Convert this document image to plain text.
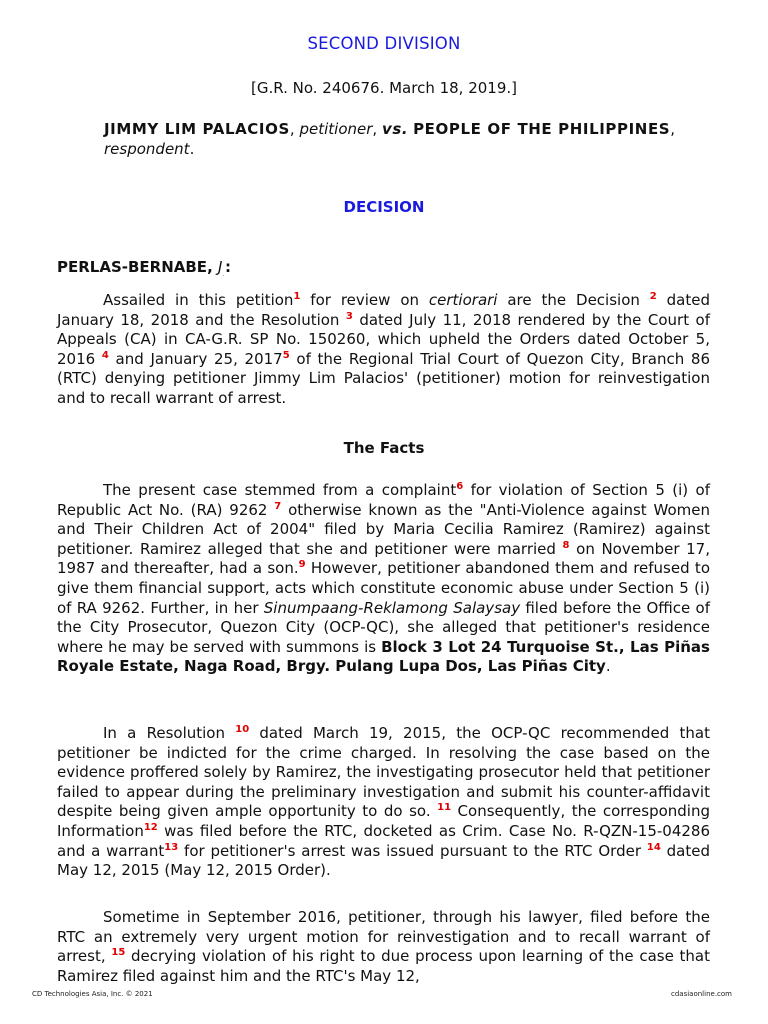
SECOND DIVISION
[G.R. No. 240676. March 18, 2019.]
JIMMY LIM PALACIOS, petitioner, vs. PEOPLE OF THE PHILIPPINES, respondent.
DECISION
PERLAS-BERNABE, $J_.$:

Assailed in this petition$^1$ for review on certiorari are the Decision $^2$ dated January 18, 2018 and the Resolution $^3$ dated July 11, 2018 rendered by the Court of Appeals (CA) in CA-G.R. SP No. 150260, which upheld the Orders dated October 5, 2016 $^4$ and January 25, 2017$^5$ of the Regional Trial Court of Quezon City, Branch 86 (RTC) denying petitioner Jimmy Lim Palacios' (petitioner) motion for reinvestigation and to recall warrant of arrest.

The Facts

The present case stemmed from a complaint$^6$ for violation of Section 5 (i) of Republic Act No. (RA) 9262 $^7$ otherwise known as the "Anti-Violence against Women and Their Children Act of 2004" filed by Maria Cecilia Ramirez (Ramirez) against petitioner. Ramirez alleged that she and petitioner were married $^8$ on November 17, 1987 and thereafter, had a son.$^9$ However, petitioner abandoned them and refused to give them financial support, acts which constitute economic abuse under Section 5 (i) of RA 9262. Further, in her Sinumpaang-Reklamong Salaysay filed before the Office of the City Prosecutor, Quezon City (OCP-QC), she alleged that petitioner's residence where he may be served with summons is Block 3 Lot 24 Turquoise St., Las Piñas Royale Estate, Naga Road, Brgy. Pulang Lupa Dos, Las Piñas City.

In a Resolution $^{10}$ dated March 19, 2015, the OCP-QC recommended that petitioner be indicted for the crime charged. In resolving the case based on the evidence proffered solely by Ramirez, the investigating prosecutor held that petitioner failed to appear during the preliminary investigation and submit his counter-affidavit despite being given ample opportunity to do so. $^{11}$ Consequently, the corresponding Information$^{12}$ was filed before the RTC, docketed as Crim. Case No. R-QZN-15-04286 and a warrant$^{13}$ for petitioner's arrest was issued pursuant to the RTC Order $^{14}$ dated May 12, 2015 (May 12, 2015 Order).

Sometime in September 2016, petitioner, through his lawyer, filed before the RTC an extremely very urgent motion for reinvestigation and to recall warrant of arrest, $^{15}$ decrying violation of his right to due process upon learning of the case that Ramirez filed against him and the RTC's May 12,

CD Technologies Asia, Inc. © 2021	cdasiaonline.com
